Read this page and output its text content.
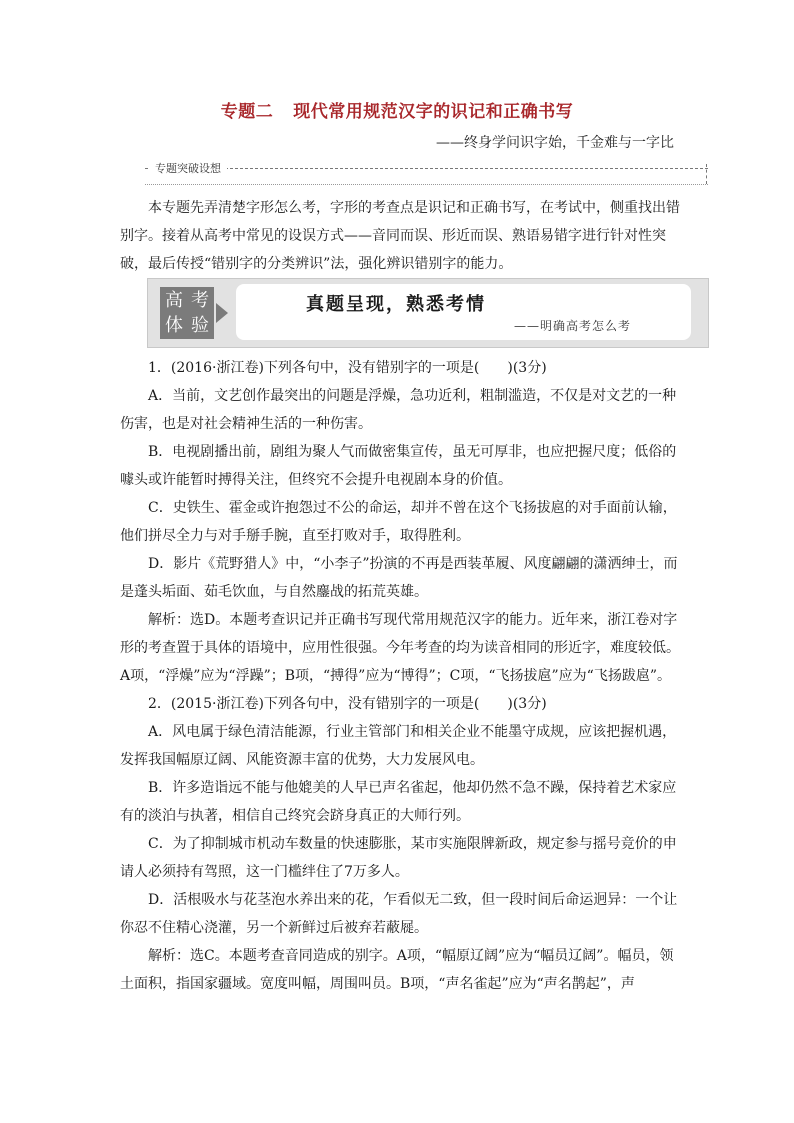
专题二 现代常用规范汉字的识记和正确书写
——终身学问识字始，千金难与一字比
专题突破设想

本专题先弄清楚字形怎么考，字形的考查点是识记和正确书写，在考试中，侧重找出错别字。接着从高考中常见的设误方式——音同而误、形近而误、熟语易错字进行针对性突破，最后传授“错别字的分类辨识”法，强化辨识错别字的能力。

高 考
体 验
真题呈现，熟悉考情
——明确高考怎么考

1．(2016·浙江卷)下列各句中，没有错别字的一项是(　　)(3分)

A．当前，文艺创作最突出的问题是浮燥，急功近利，粗制滥造，不仅是对文艺的一种伤害，也是对社会精神生活的一种伤害。

B．电视剧播出前，剧组为聚人气而做密集宣传，虽无可厚非，也应把握尺度；低俗的噱头或许能暂时搏得关注，但终究不会提升电视剧本身的价值。

C．史铁生、霍金或许抱怨过不公的命运，却并不曾在这个飞扬拔扈的对手面前认输，他们拼尽全力与对手掰手腕，直至打败对手，取得胜利。

D．影片《荒野猎人》中，“小李子”扮演的不再是西装革履、风度翩翩的潇洒绅士，而是蓬头垢面、茹毛饮血，与自然鏖战的拓荒英雄。

解析：选D。本题考查识记并正确书写现代常用规范汉字的能力。近年来，浙江卷对字形的考查置于具体的语境中，应用性很强。今年考查的均为读音相同的形近字，难度较低。A项，“浮燥”应为“浮躁”；B项，“搏得”应为“博得”；C项，“飞扬拔扈”应为“飞扬跋扈”。

2．(2015·浙江卷)下列各句中，没有错别字的一项是(　　)(3分)

A．风电属于绿色清洁能源，行业主管部门和相关企业不能墨守成规，应该把握机遇，发挥我国幅原辽阔、风能资源丰富的优势，大力发展风电。

B．许多造诣远不能与他媲美的人早已声名雀起，他却仍然不急不躁，保持着艺术家应有的淡泊与执著，相信自己终究会跻身真正的大师行列。

C．为了抑制城市机动车数量的快速膨胀，某市实施限牌新政，规定参与摇号竞价的申请人必须持有驾照，这一门槛绊住了7万多人。

D．活根吸水与花茎泡水养出来的花，乍看似无二致，但一段时间后命运迥异：一个让你忍不住精心浇灌，另一个新鲜过后被弃若蔽屣。

解析：选C。本题考查音同造成的别字。A项，“幅原辽阔”应为“幅员辽阔”。幅员，领土面积，指国家疆域。宽度叫幅，周围叫员。B项，“声名雀起”应为“声名鹊起”，声
